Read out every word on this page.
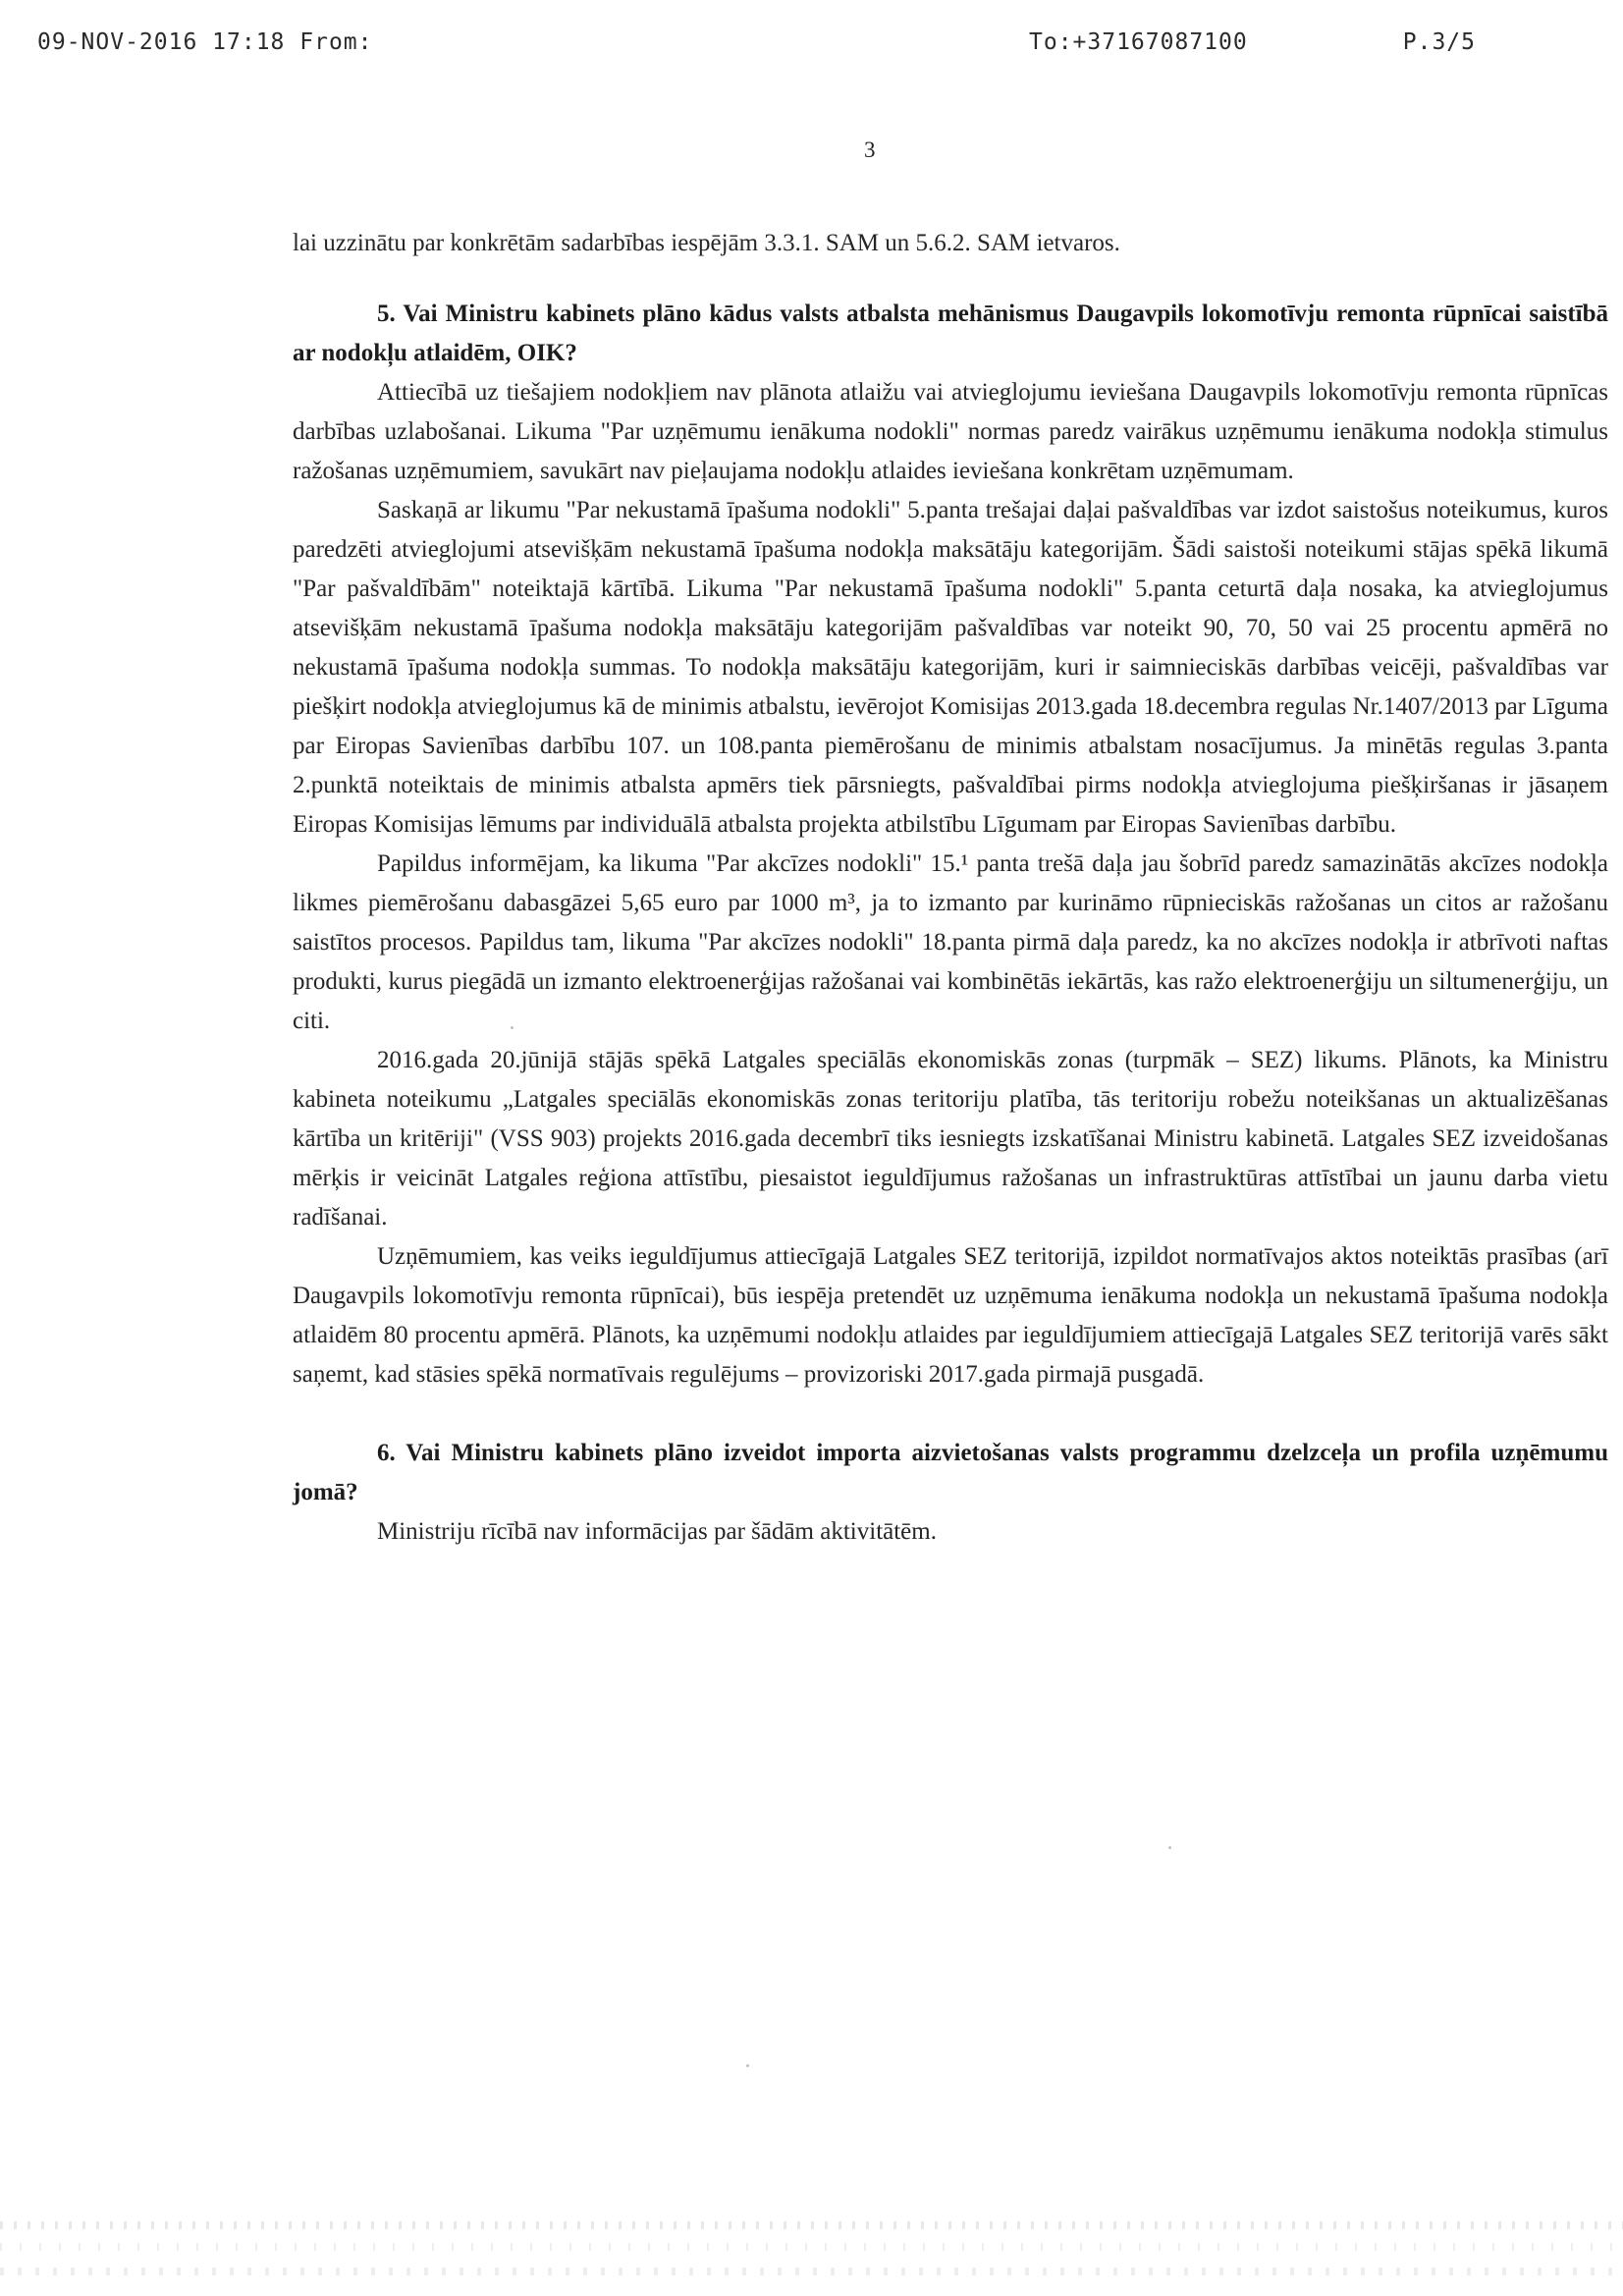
09-NOV-2016 17:18 From:	To:+37167087100	P.3/5
3

lai uzzinātu par konkrētām sadarbības iespējām 3.3.1. SAM un 5.6.2. SAM ietvaros.

5. Vai Ministru kabinets plāno kādus valsts atbalsta mehānismus Daugavpils lokomotīvju remonta rūpnīcai saistībā ar nodokļu atlaidēm, OIK?

Attiecībā uz tiešajiem nodokļiem nav plānota atlaižu vai atvieglojumu ieviešana Daugavpils lokomotīvju remonta rūpnīcas darbības uzlabošanai. Likuma "Par uzņēmumu ienākuma nodokli" normas paredz vairākus uzņēmumu ienākuma nodokļa stimulus ražošanas uzņēmumiem, savukārt nav pieļaujama nodokļu atlaides ieviešana konkrētam uzņēmumam.

Saskaņā ar likumu "Par nekustamā īpašuma nodokli" 5.panta trešajai daļai pašvaldības var izdot saistošus noteikumus, kuros paredzēti atvieglojumi atsevišķām nekustamā īpašuma nodokļa maksātāju kategorijām. Šādi saistoši noteikumi stājas spēkā likumā "Par pašvaldībām" noteiktajā kārtībā. Likuma "Par nekustamā īpašuma nodokli" 5.panta ceturtā daļa nosaka, ka atvieglojumus atsevišķām nekustamā īpašuma nodokļa maksātāju kategorijām pašvaldības var noteikt 90, 70, 50 vai 25 procentu apmērā no nekustamā īpašuma nodokļa summas. To nodokļa maksātāju kategorijām, kuri ir saimnieciskās darbības veicēji, pašvaldības var piešķirt nodokļa atvieglojumus kā de minimis atbalstu, ievērojot Komisijas 2013.gada 18.decembra regulas Nr.1407/2013 par Līguma par Eiropas Savienības darbību 107. un 108.panta piemērošanu de minimis atbalstam nosacījumus. Ja minētās regulas 3.panta 2.punktā noteiktais de minimis atbalsta apmērs tiek pārsniegts, pašvaldībai pirms nodokļa atvieglojuma piešķiršanas ir jāsaņem Eiropas Komisijas lēmums par individuālā atbalsta projekta atbilstību Līgumam par Eiropas Savienības darbību.

Papildus informējam, ka likuma "Par akcīzes nodokli" 15.¹ panta trešā daļa jau šobrīd paredz samazinātās akcīzes nodokļa likmes piemērošanu dabasgāzei 5,65 euro par 1000 m³, ja to izmanto par kurināmo rūpnieciskās ražošanas un citos ar ražošanu saistītos procesos. Papildus tam, likuma "Par akcīzes nodokli" 18.panta pirmā daļa paredz, ka no akcīzes nodokļa ir atbrīvoti naftas produkti, kurus piegādā un izmanto elektroenerģijas ražošanai vai kombinētās iekārtās, kas ražo elektroenerģiju un siltumenerģiju, un citi.

2016.gada 20.jūnijā stājās spēkā Latgales speciālās ekonomiskās zonas (turpmāk – SEZ) likums. Plānots, ka Ministru kabineta noteikumu „Latgales speciālās ekonomiskās zonas teritoriju platība, tās teritoriju robežu noteikšanas un aktualizēšanas kārtība un kritēriji" (VSS 903) projekts 2016.gada decembrī tiks iesniegts izskatīšanai Ministru kabinetā. Latgales SEZ izveidošanas mērķis ir veicināt Latgales reģiona attīstību, piesaistot ieguldījumus ražošanas un infrastruktūras attīstībai un jaunu darba vietu radīšanai.

Uzņēmumiem, kas veiks ieguldījumus attiecīgajā Latgales SEZ teritorijā, izpildot normatīvajos aktos noteiktās prasības (arī Daugavpils lokomotīvju remonta rūpnīcai), būs iespēja pretendēt uz uzņēmuma ienākuma nodokļa un nekustamā īpašuma nodokļa atlaidēm 80 procentu apmērā. Plānots, ka uzņēmumi nodokļu atlaides par ieguldījumiem attiecīgajā Latgales SEZ teritorijā varēs sākt saņemt, kad stāsies spēkā normatīvais regulējums – provizoriski 2017.gada pirmajā pusgadā.

6. Vai Ministru kabinets plāno izveidot importa aizvietošanas valsts programmu dzelzceļa un profila uzņēmumu jomā?

Ministriju rīcībā nav informācijas par šādām aktivitātēm.
